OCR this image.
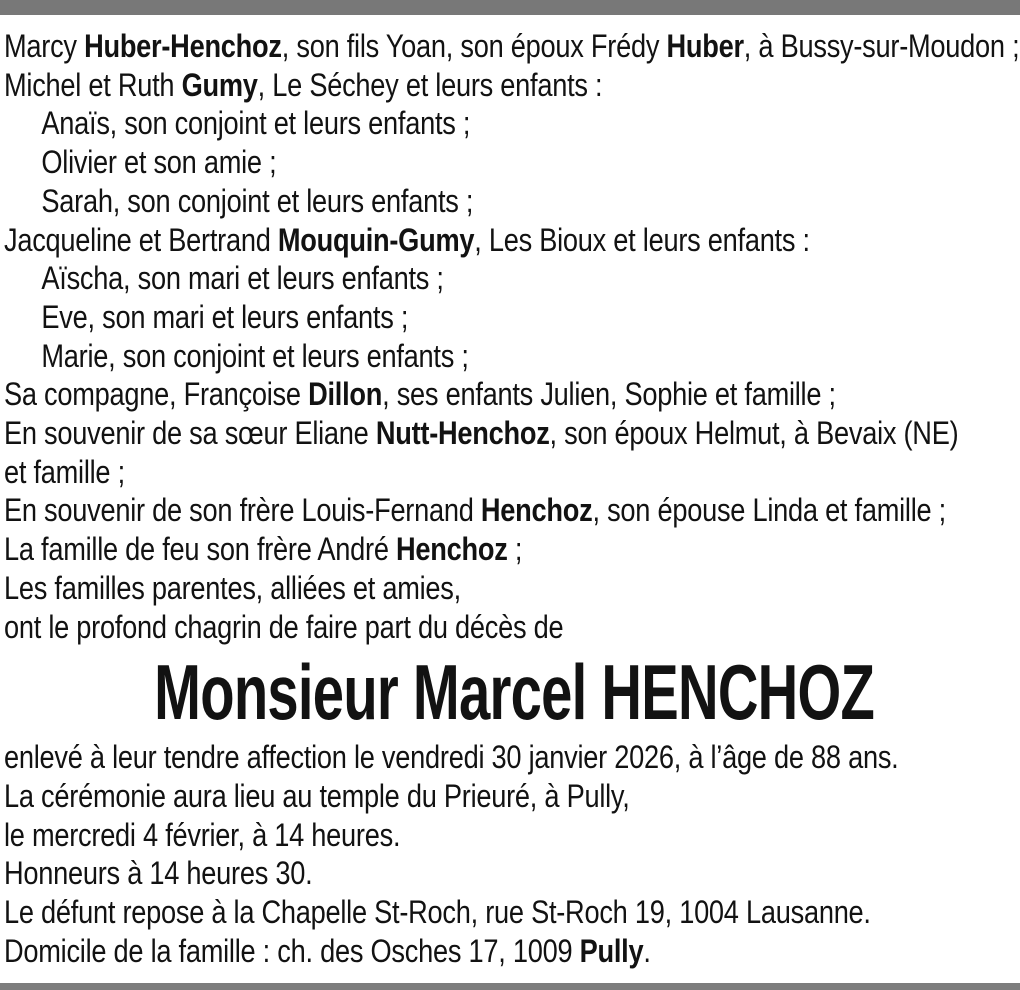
Marcy Huber-Henchoz, son fils Yoan, son époux Frédy Huber, à Bussy-sur-Moudon ;
Michel et Ruth Gumy, Le Séchey et leurs enfants :
Anaïs, son conjoint et leurs enfants ;
Olivier et son amie ;
Sarah, son conjoint et leurs enfants ;
Jacqueline et Bertrand Mouquin-Gumy, Les Bioux et leurs enfants :
Aïscha, son mari et leurs enfants ;
Eve, son mari et leurs enfants ;
Marie, son conjoint et leurs enfants ;
Sa compagne, Françoise Dillon, ses enfants Julien, Sophie et famille ;
En souvenir de sa sœur Eliane Nutt-Henchoz, son époux Helmut, à Bevaix (NE)
et famille ;
En souvenir de son frère Louis-Fernand Henchoz, son épouse Linda et famille ;
La famille de feu son frère André Henchoz ;
Les familles parentes, alliées et amies,
ont le profond chagrin de faire part du décès de
Monsieur Marcel HENCHOZ
enlevé à leur tendre affection le vendredi 30 janvier 2026, à l’âge de 88 ans.
La cérémonie aura lieu au temple du Prieuré, à Pully,
le mercredi 4 février, à 14 heures.
Honneurs à 14 heures 30.
Le défunt repose à la Chapelle St-Roch, rue St-Roch 19, 1004 Lausanne.
Domicile de la famille : ch. des Osches 17, 1009 Pully.
